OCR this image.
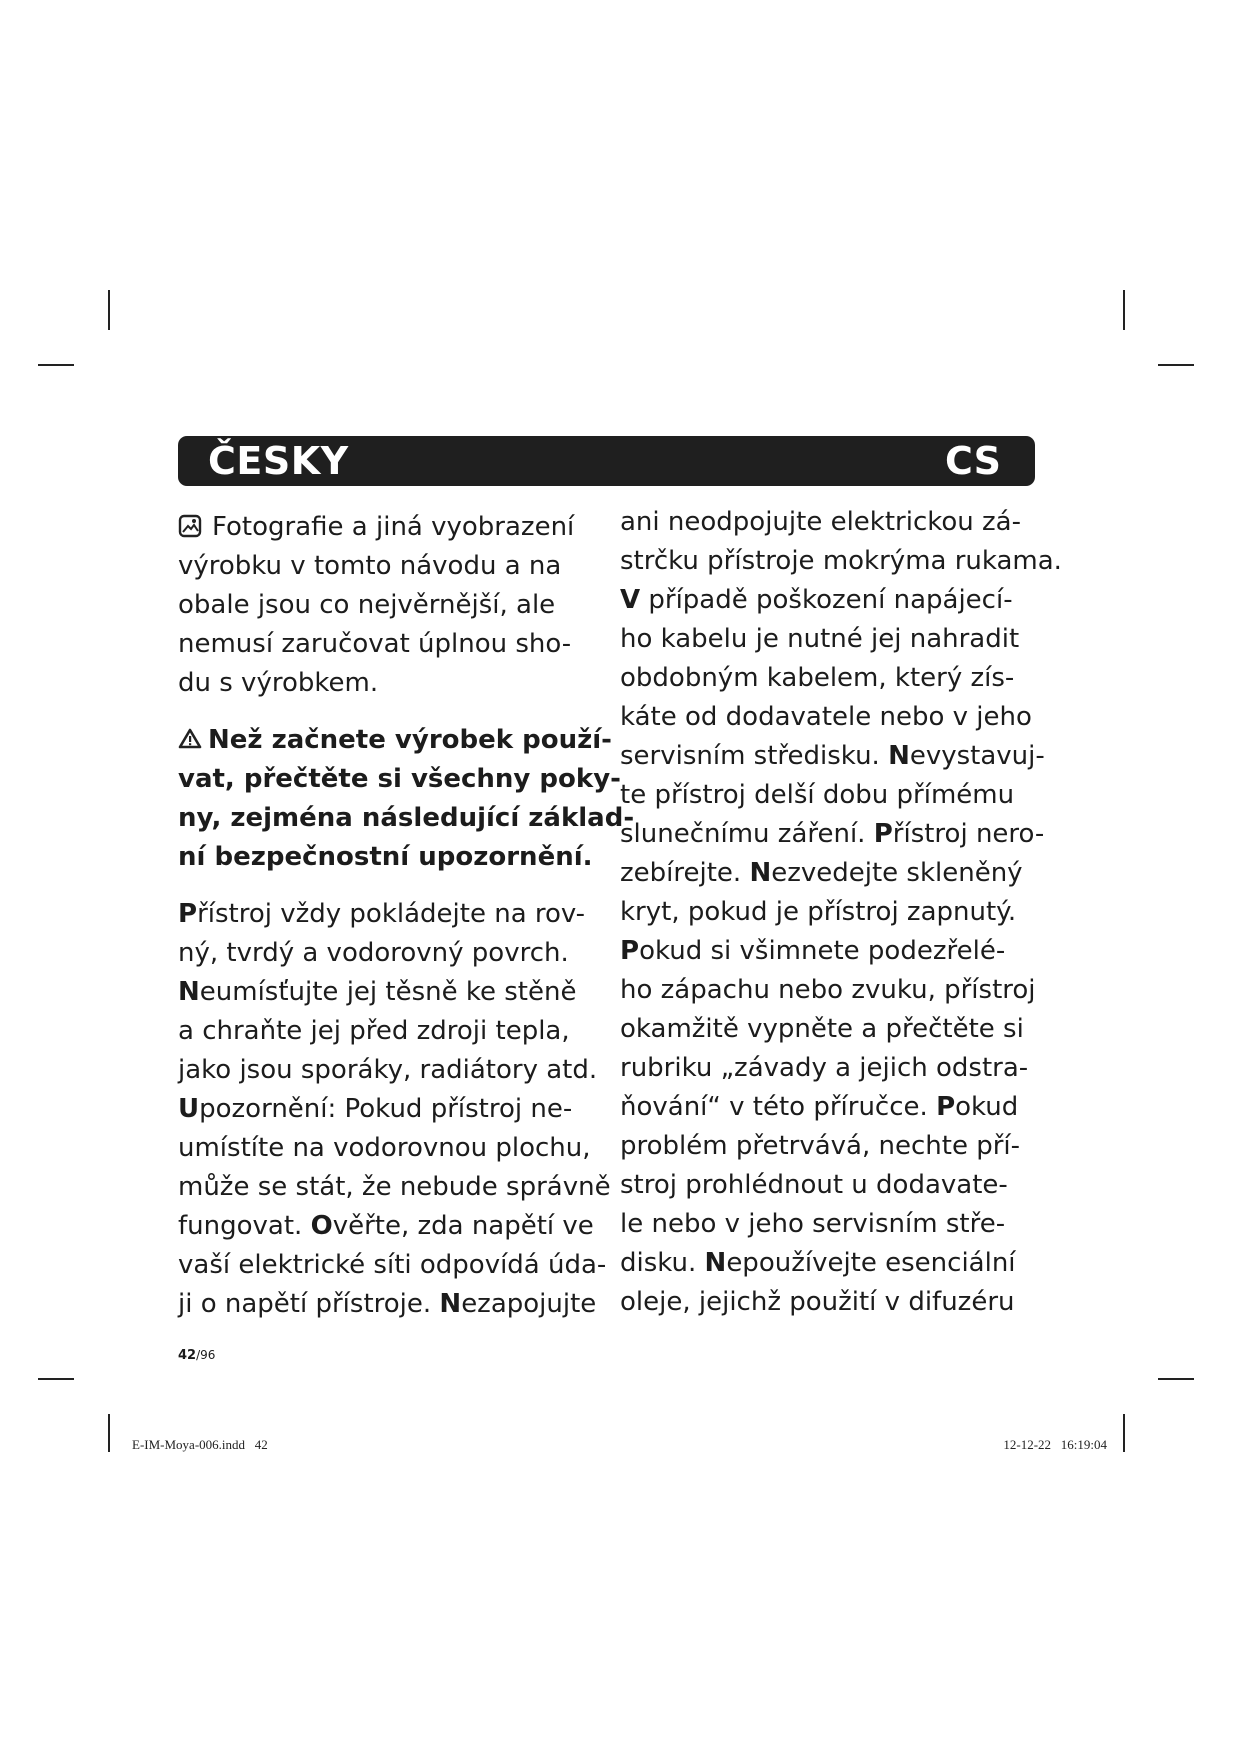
ČESKY	CS
Fotografie a jiná vyobrazení
výrobku v tomto návodu a na
obale jsou co nejvěrnější, ale
nemusí zaručovat úplnou sho-
du s výrobkem.
Než začnete výrobek použí-
vat, přečtěte si všechny poky-
ny, zejména následující základ-
ní bezpečnostní upozornění.
Přístroj vždy pokládejte na rov-
ný, tvrdý a vodorovný povrch.
Neumísťujte jej těsně ke stěně
a chraňte jej před zdroji tepla,
jako jsou sporáky, radiátory atd.
Upozornění: Pokud přístroj ne-
umístíte na vodorovnou plochu,
může se stát, že nebude správně
fungovat. Ověřte, zda napětí ve
vaší elektrické síti odpovídá úda-
ji o napětí přístroje. Nezapojujte
ani neodpojujte elektrickou zá-
strčku přístroje mokrýma rukama.
V případě poškození napájecí-
ho kabelu je nutné jej nahradit
obdobným kabelem, který zís-
káte od dodavatele nebo v jeho
servisním středisku. Nevystavuj-
te přístroj delší dobu přímému
slunečnímu záření. Přístroj nero-
zebírejte. Nezvedejte skleněný
kryt, pokud je přístroj zapnutý.
Pokud si všimnete podezřelé-
ho zápachu nebo zvuku, přístroj
okamžitě vypněte a přečtěte si
rubriku „závady a jejich odstra-
ňování“ v této příručce. Pokud
problém přetrvává, nechte pří-
stroj prohlédnout u dodavate-
le nebo v jeho servisním stře-
disku. Nepoužívejte esenciální
oleje, jejichž použití v difuzéru
42/96
E-IM-Moya-006.indd   42	12-12-22   16:19:04
